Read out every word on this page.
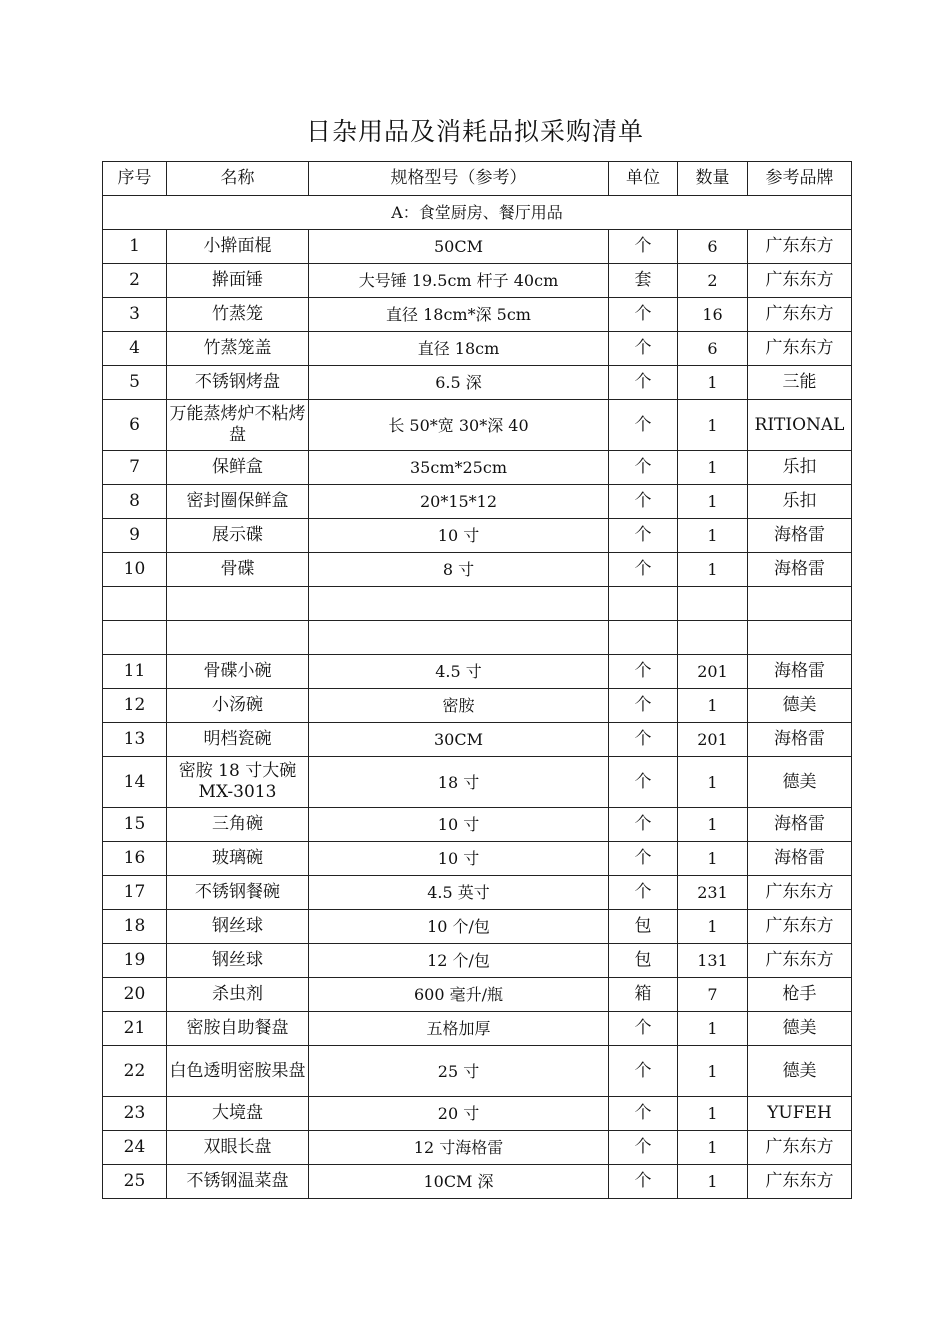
日杂用品及消耗品拟采购清单
序号	名称	规格型号（参考）	单位	数量	参考品牌
A：食堂厨房、餐厅用品					
1	小擀面棍	50CM	个	6	广东东方
2	擀面锤	大号锤 19.5cm 杆子 40cm	套	2	广东东方
3	竹蒸笼	直径 18cm*深 5cm	个	16	广东东方
4	竹蒸笼盖	直径 18cm	个	6	广东东方
5	不锈钢烤盘	6.5 深	个	1	三能
6	万能蒸烤炉不粘烤盘	长 50*宽 30*深 40	个	1	RITIONAL
7	保鲜盒	35cm*25cm	个	1	乐扣
8	密封圈保鲜盒	20*15*12	个	1	乐扣
9	展示碟	10 寸	个	1	海格雷
10	骨碟	8 寸	个	1	海格雷

11	骨碟小碗	4.5 寸	个	201	海格雷
12	小汤碗	密胺	个	1	德美
13	明档瓷碗	30CM	个	201	海格雷
14	密胺 18 寸大碗 MX-3013	18 寸	个	1	德美
15	三角碗	10 寸	个	1	海格雷
16	玻璃碗	10 寸	个	1	海格雷
17	不锈钢餐碗	4.5 英寸	个	231	广东东方
18	钢丝球	10 个/包	包	1	广东东方
19	钢丝球	12 个/包	包	131	广东东方
20	杀虫剂	600 毫升/瓶	箱	7	枪手
21	密胺自助餐盘	五格加厚	个	1	德美
22	白色透明密胺果盘	25 寸	个	1	德美
23	大境盘	20 寸	个	1	YUFEH
24	双眼长盘	12 寸海格雷	个	1	广东东方
25	不锈钢温菜盘	10CM 深	个	1	广东东方
